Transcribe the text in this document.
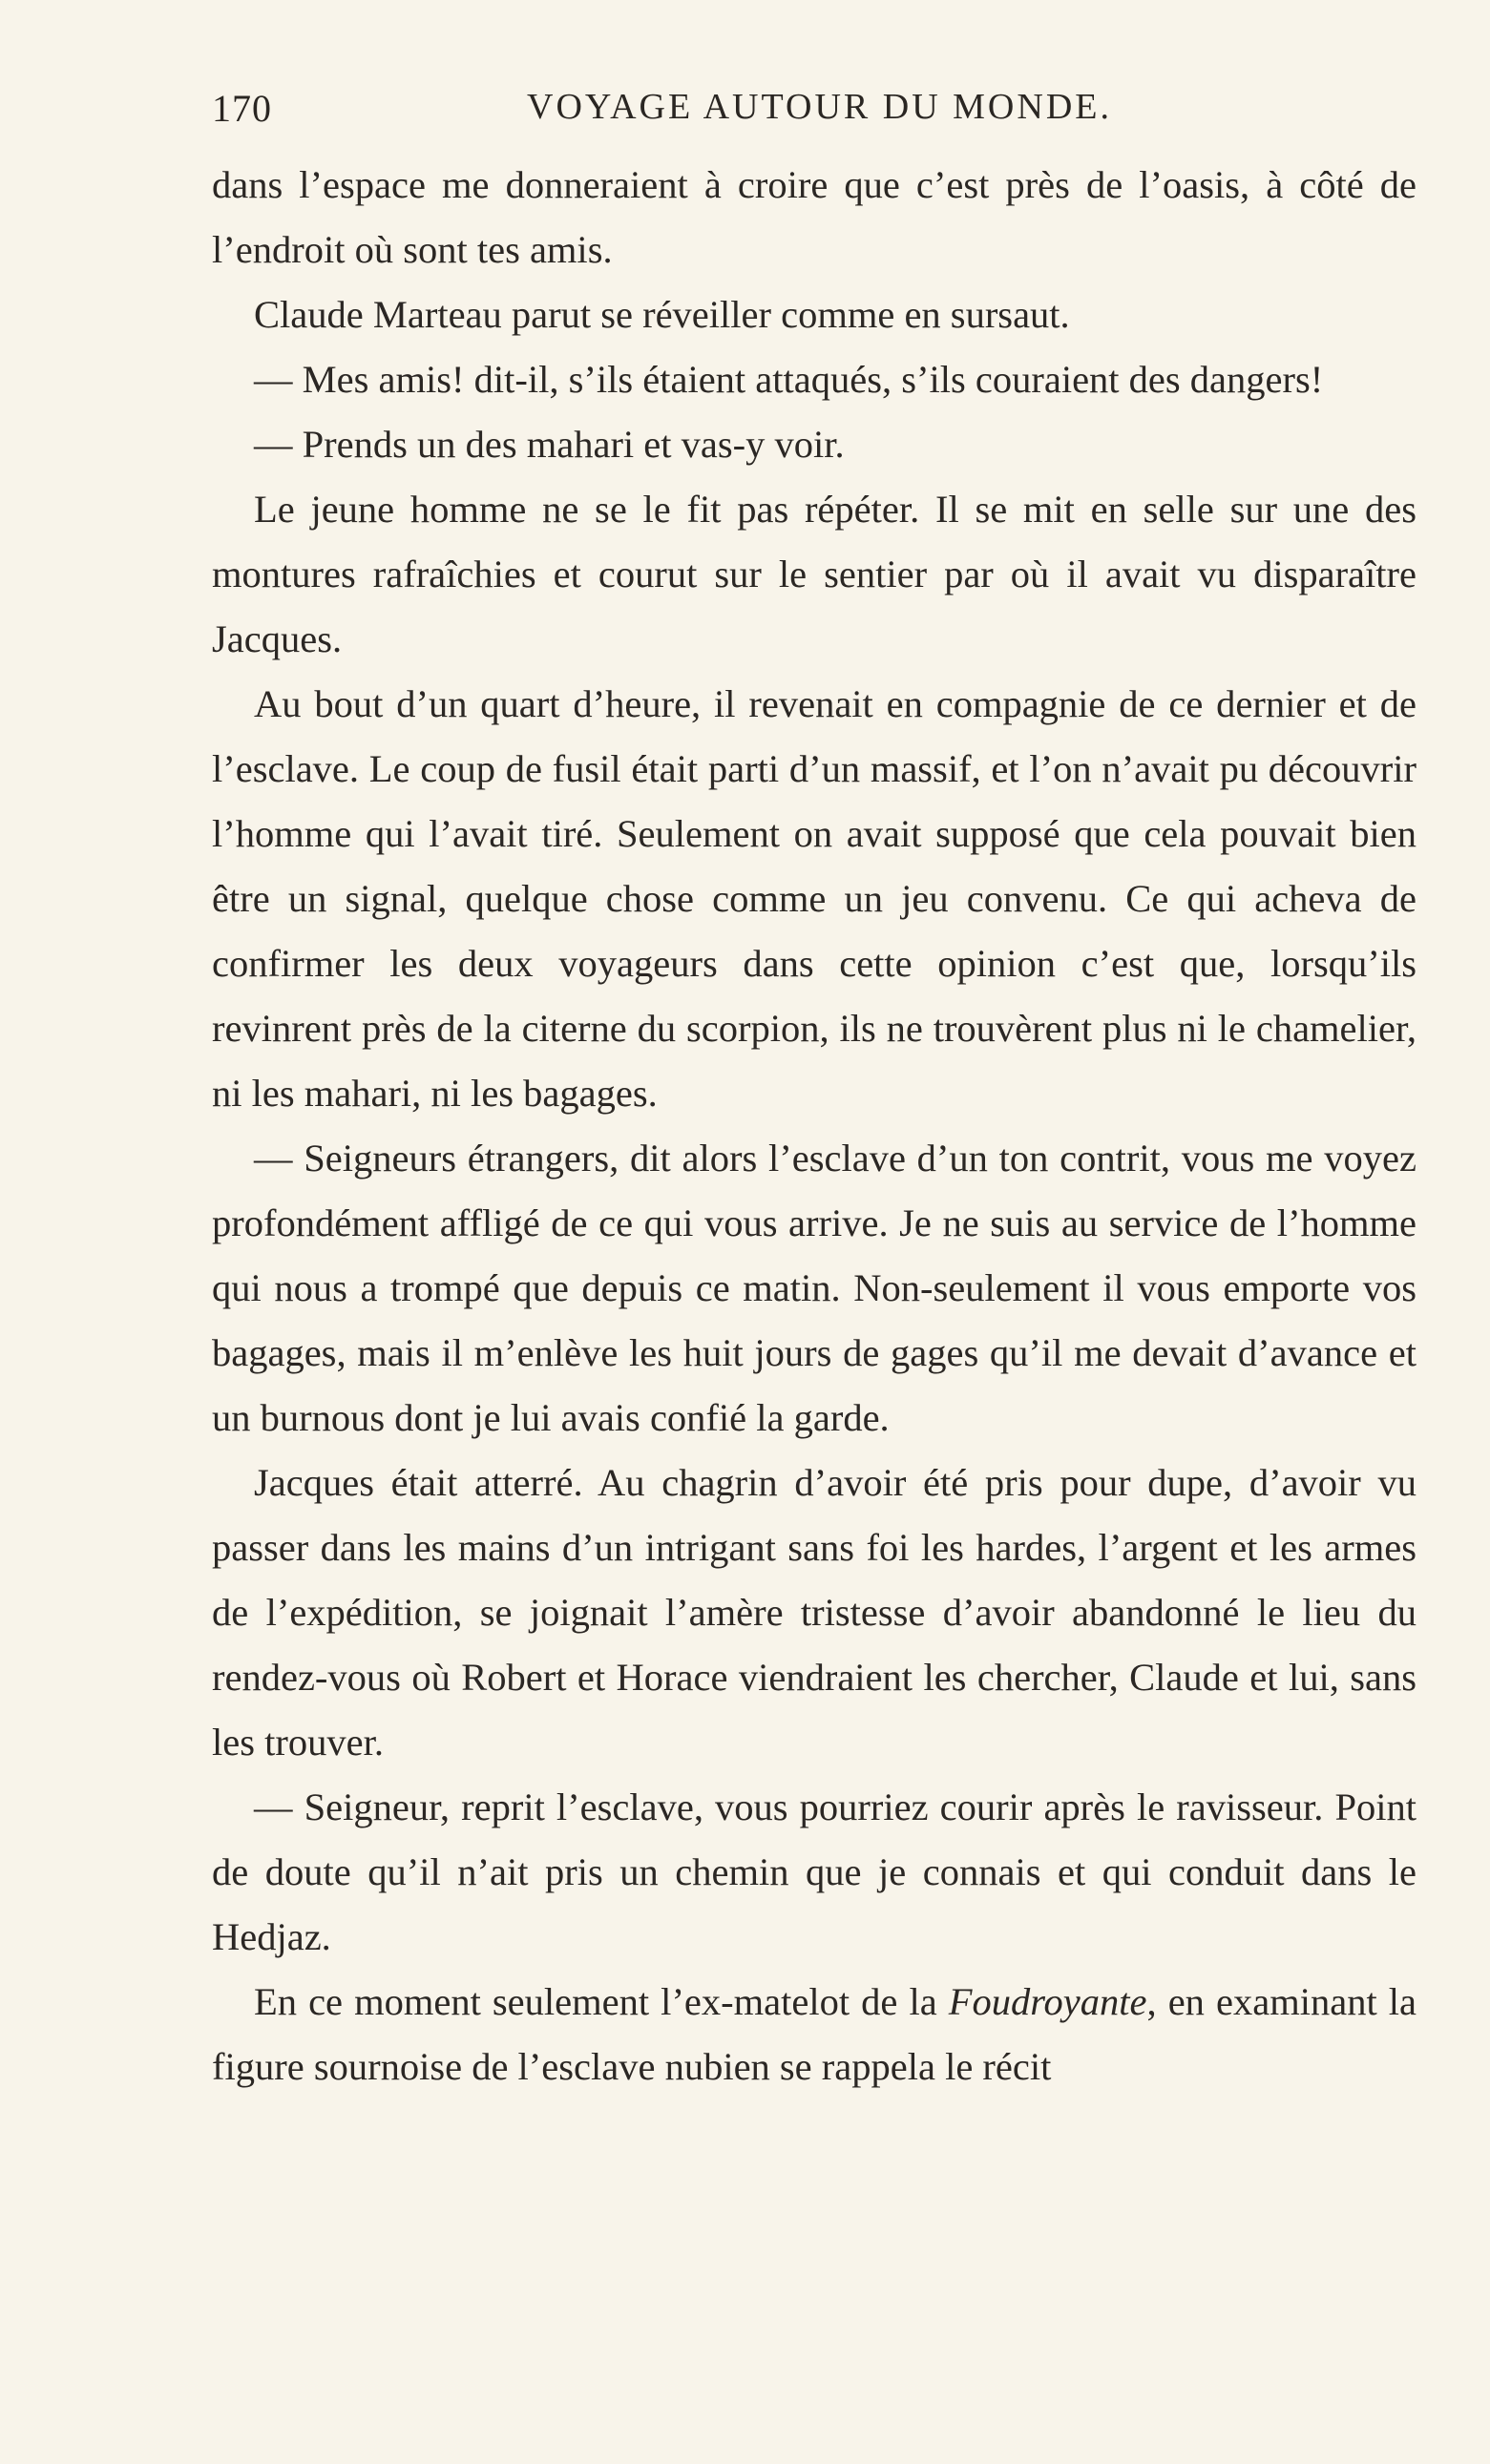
170	VOYAGE AUTOUR DU MONDE.

dans l’espace me donneraient à croire que c’est près de l’oasis, à côté de l’endroit où sont tes amis.

Claude Marteau parut se réveiller comme en sursaut.

— Mes amis! dit-il, s’ils étaient attaqués, s’ils couraient des dangers!

— Prends un des mahari et vas-y voir.

Le jeune homme ne se le fit pas répéter. Il se mit en selle sur une des montures rafraîchies et courut sur le sentier par où il avait vu disparaître Jacques.

Au bout d’un quart d’heure, il revenait en compagnie de ce dernier et de l’esclave. Le coup de fusil était parti d’un massif, et l’on n’avait pu découvrir l’homme qui l’avait tiré. Seulement on avait supposé que cela pouvait bien être un signal, quelque chose comme un jeu convenu. Ce qui acheva de confirmer les deux voyageurs dans cette opinion c’est que, lorsqu’ils revinrent près de la citerne du scorpion, ils ne trouvèrent plus ni le chamelier, ni les mahari, ni les bagages.

— Seigneurs étrangers, dit alors l’esclave d’un ton contrit, vous me voyez profondément affligé de ce qui vous arrive. Je ne suis au service de l’homme qui nous a trompé que depuis ce matin. Non-seulement il vous emporte vos bagages, mais il m’enlève les huit jours de gages qu’il me devait d’avance et un burnous dont je lui avais confié la garde.

Jacques était atterré. Au chagrin d’avoir été pris pour dupe, d’avoir vu passer dans les mains d’un intrigant sans foi les hardes, l’argent et les armes de l’expédition, se joignait l’amère tristesse d’avoir abandonné le lieu du rendez-vous où Robert et Horace viendraient les chercher, Claude et lui, sans les trouver.

— Seigneur, reprit l’esclave, vous pourriez courir après le ravisseur. Point de doute qu’il n’ait pris un chemin que je connais et qui conduit dans le Hedjaz.

En ce moment seulement l’ex-matelot de la Foudroyante, en examinant la figure sournoise de l’esclave nubien se rappela le récit
